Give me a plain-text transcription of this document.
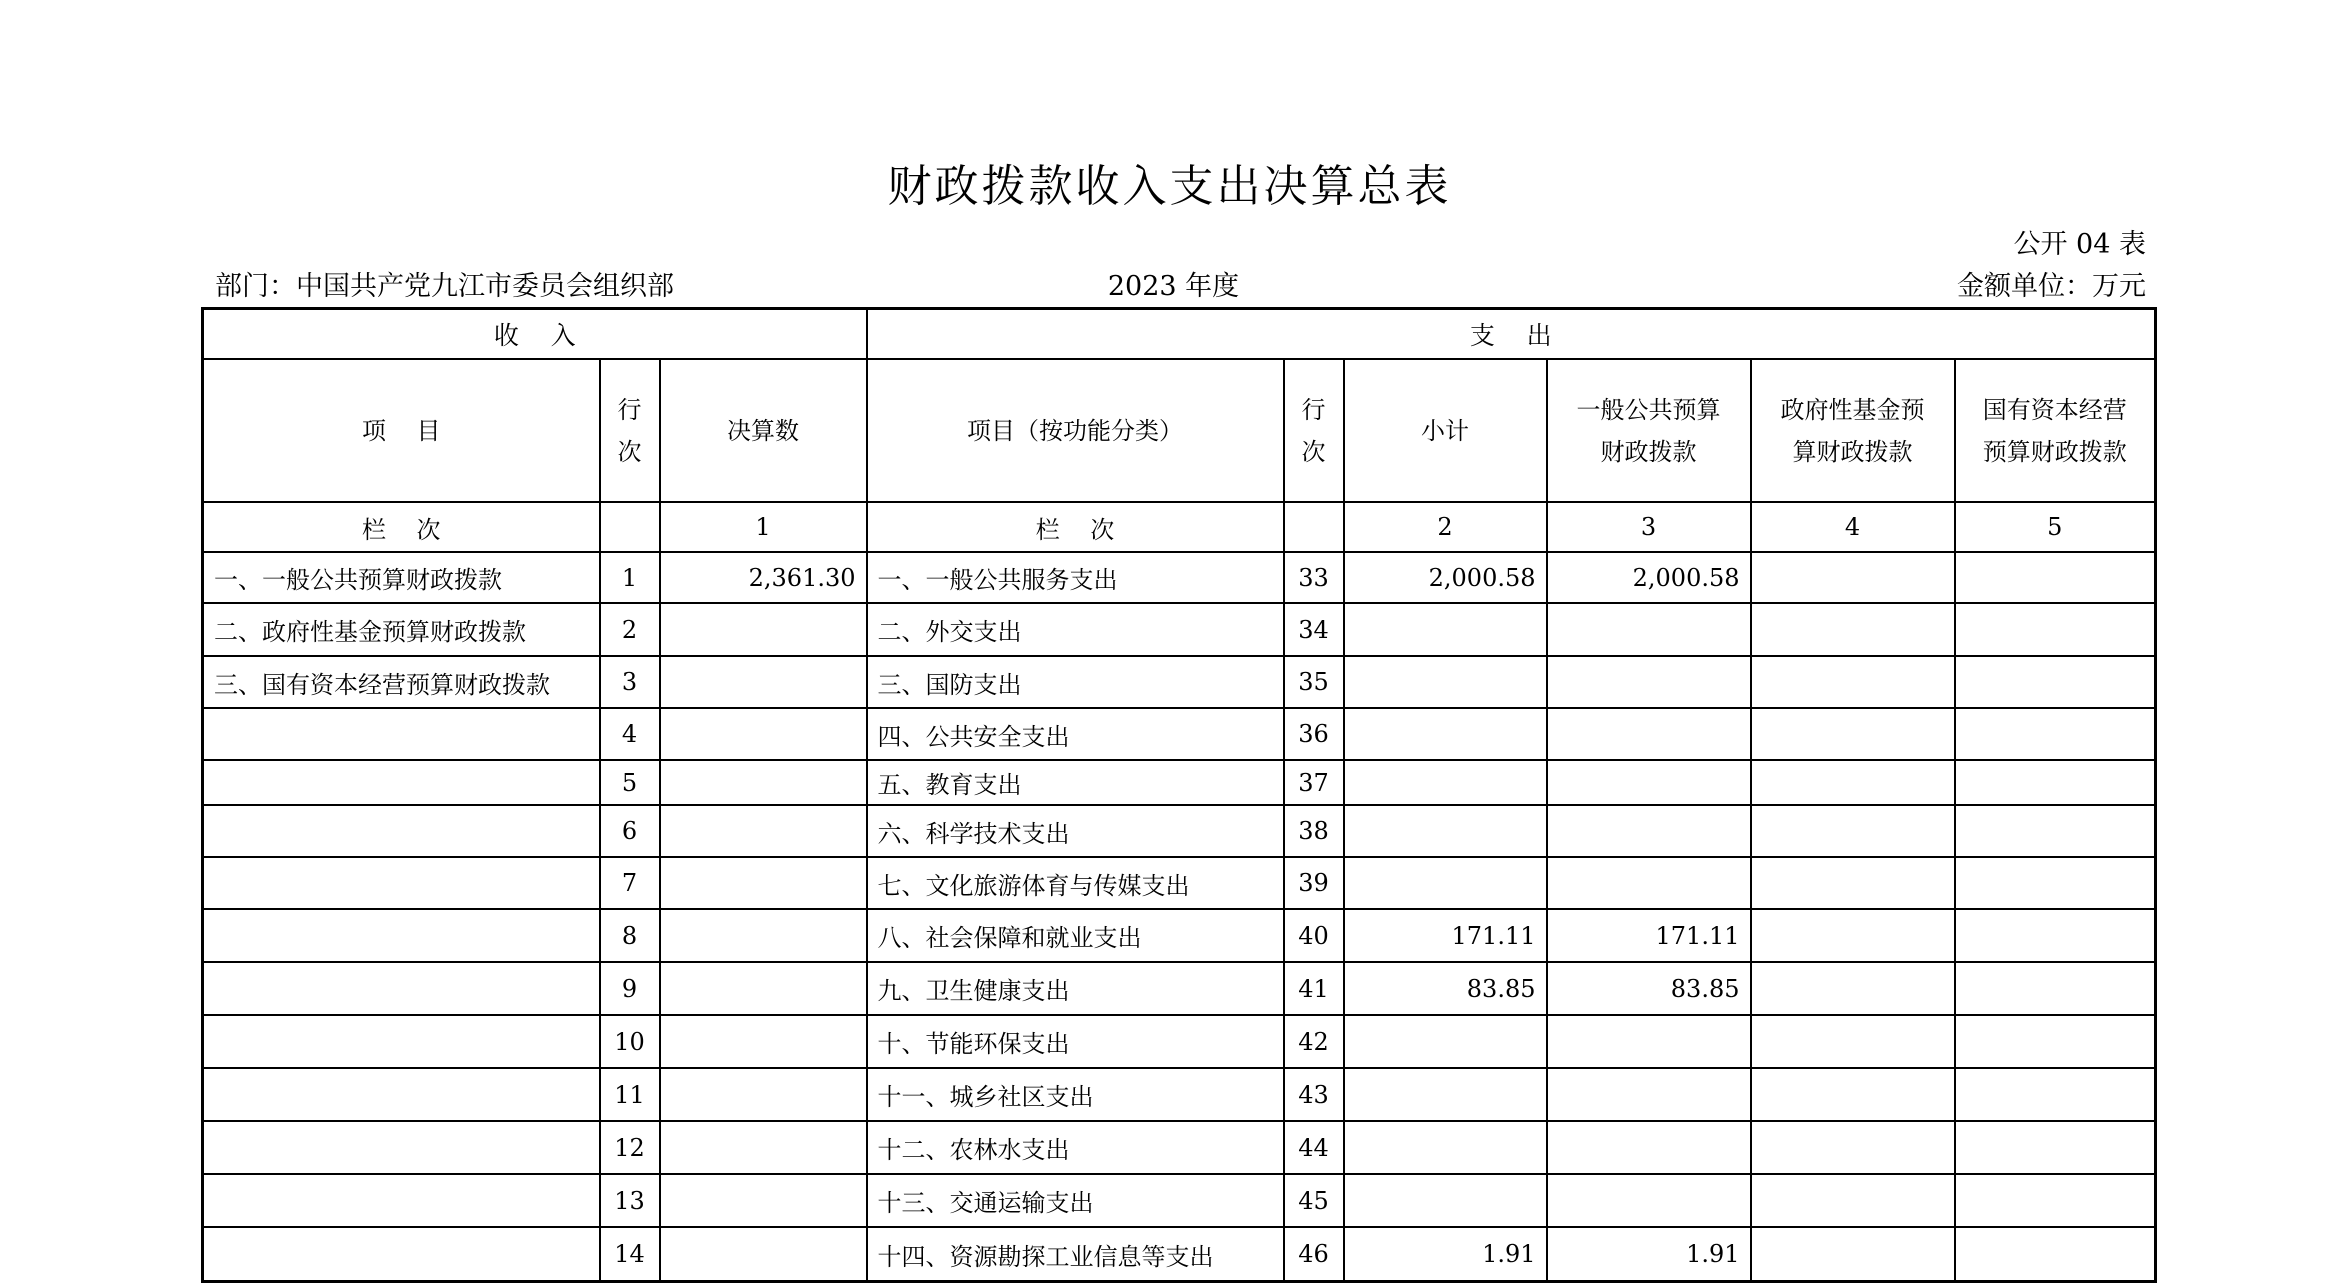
财政拨款收入支出决算总表
公开 04 表
部门：中国共产党九江市委员会组织部	2023 年度	金额单位：万元
收    入			支    出					
项    目	行次	决算数	项目（按功能分类）	行次	小计	一般公共预算财政拨款	政府性基金预算财政拨款	国有资本经营预算财政拨款
栏    次		1	栏    次		2	3	4	5
一、一般公共预算财政拨款	1	2,361.30	一、一般公共服务支出	33	2,000.58	2,000.58		
二、政府性基金预算财政拨款	2		二、外交支出	34				
三、国有资本经营预算财政拨款	3		三、国防支出	35				
	4		四、公共安全支出	36				
	5		五、教育支出	37				
	6		六、科学技术支出	38				
	7		七、文化旅游体育与传媒支出	39				
	8		八、社会保障和就业支出	40	171.11	171.11		
	9		九、卫生健康支出	41	83.85	83.85		
	10		十、节能环保支出	42				
	11		十一、城乡社区支出	43				
	12		十二、农林水支出	44				
	13		十三、交通运输支出	45				
	14		十四、资源勘探工业信息等支出	46	1.91	1.91		
